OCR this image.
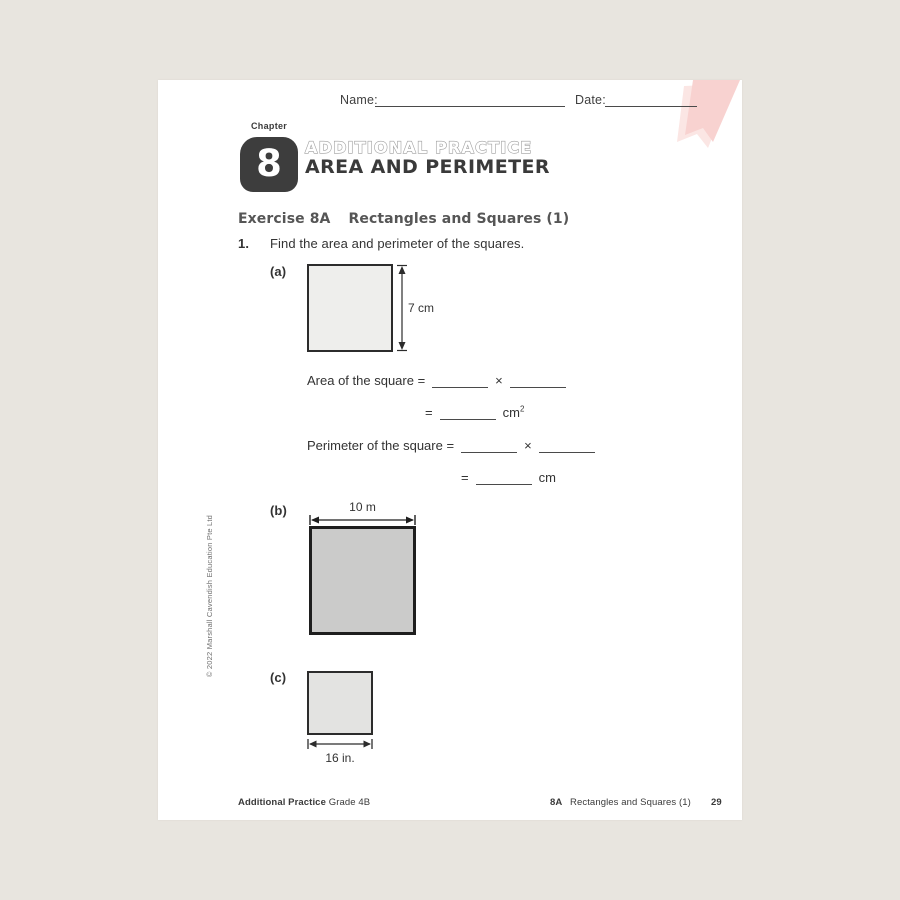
Name:	Date:
Chapter
8 ADDITIONAL PRACTICE
AREA AND PERIMETER
Exercise 8A Rectangles and Squares (1)
1. Find the area and perimeter of the squares.
(a)
7 cm
Area of the square =	×
=	$cm^2$
Perimeter of the square =	×
=	cm
(b)	10 m
(c)
16 in.
© 2022 Marshall Cavendish Education Pte Ltd
Additional Practice Grade 4B	8A Rectangles and Squares (1) 29
